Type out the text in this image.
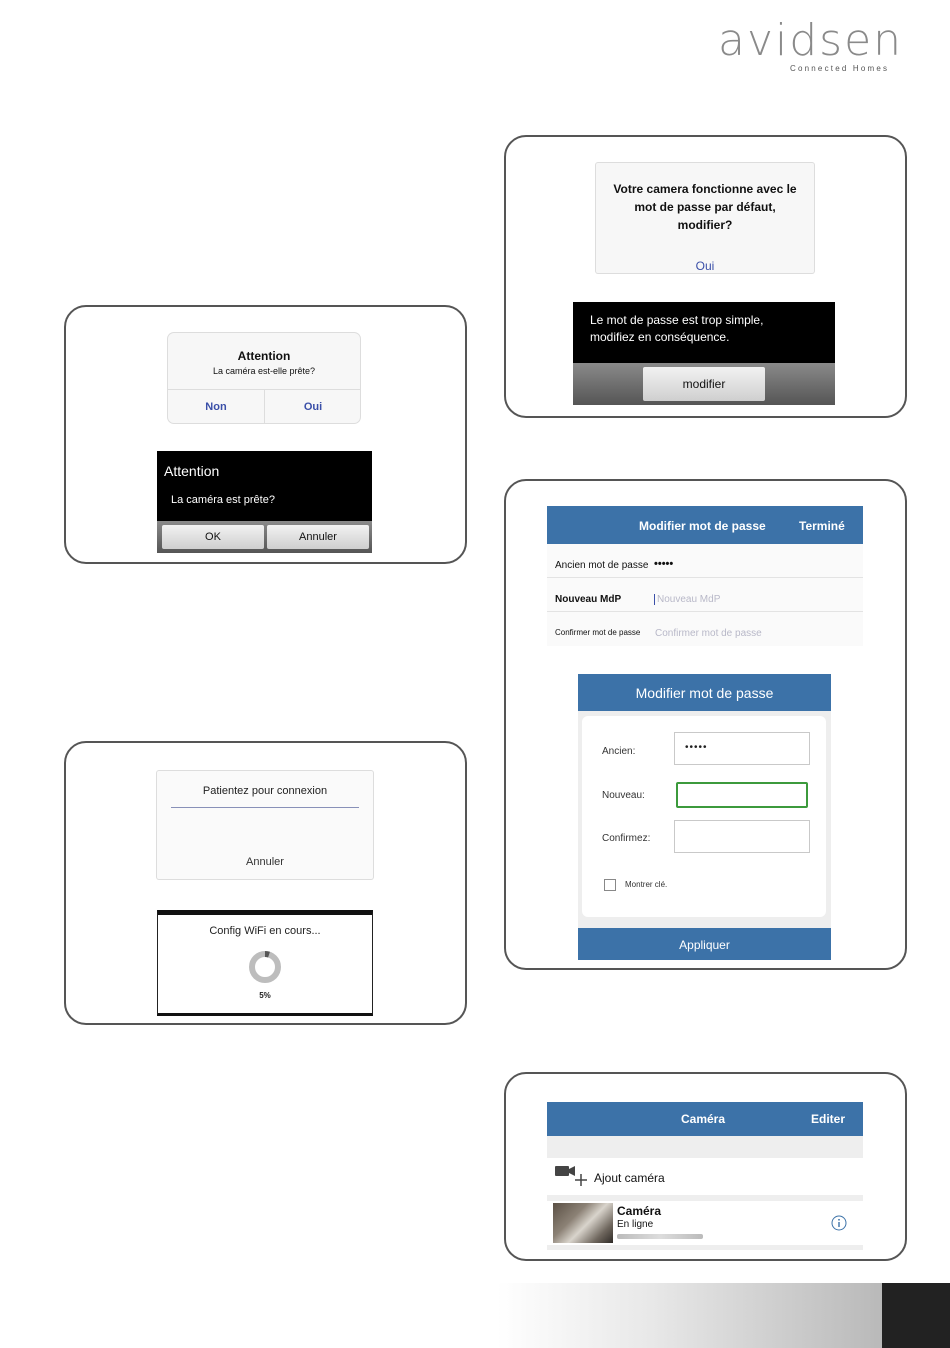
avidsen
Connected Homes
Attention
La caméra est-elle prête?
Non	Oui
Attention
La caméra est prête?
OK	Annuler
Votre camera fonctionne avec le mot de passe par défaut, modifier?
Oui
Le mot de passe est trop simple, modifiez en conséquence.
modifier
Modifier mot de passe	Terminé
Ancien mot de passe •••••
Nouveau MdP	Nouveau MdP
Confirmer mot de passe Confirmer mot de passe
Modifier mot de passe
Ancien:	•••••
Nouveau:
Confirmez:
Montrer clé.
Appliquer
Patientez pour connexion
Annuler
Config WiFi en cours...
5%
Caméra	Editer
Ajout caméra
Caméra
En ligne
